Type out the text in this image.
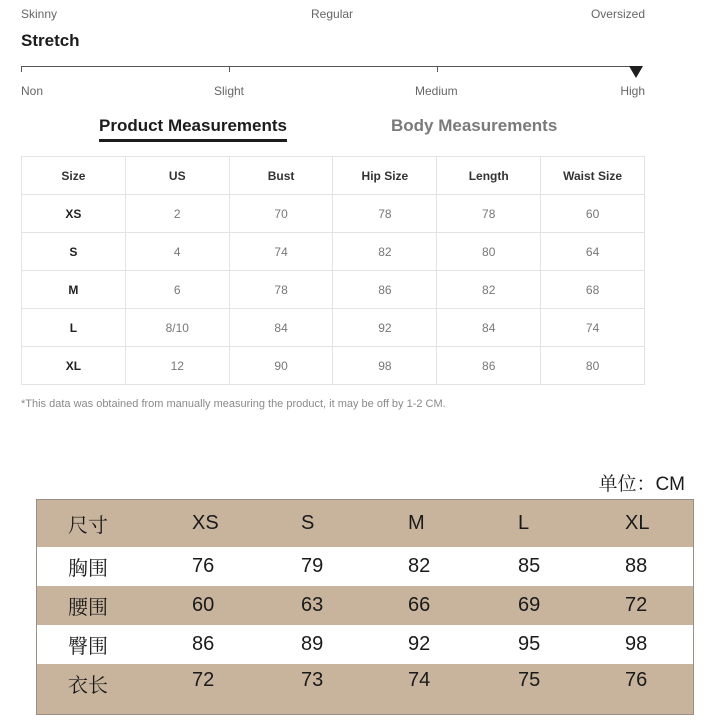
Skinny	Regular	Oversized
Stretch
Non	Slight	Medium	High
Product Measurements	Body Measurements
Size	US	Bust	Hip Size	Length	Waist Size
XS	2	70	78	78	60
S	4	74	82	80	64
M	6	78	86	82	68
L	8/10	84	92	84	74
XL	12	90	98	86	80
*This data was obtained from manually measuring the product, it may be off by 1-2 CM.
单位：CM
尺寸	XS	S	M	L	XL
胸围	76	79	82	85	88
腰围	60	63	66	69	72
臀围	86	89	92	95	98
衣长	72	73	74	75	76
